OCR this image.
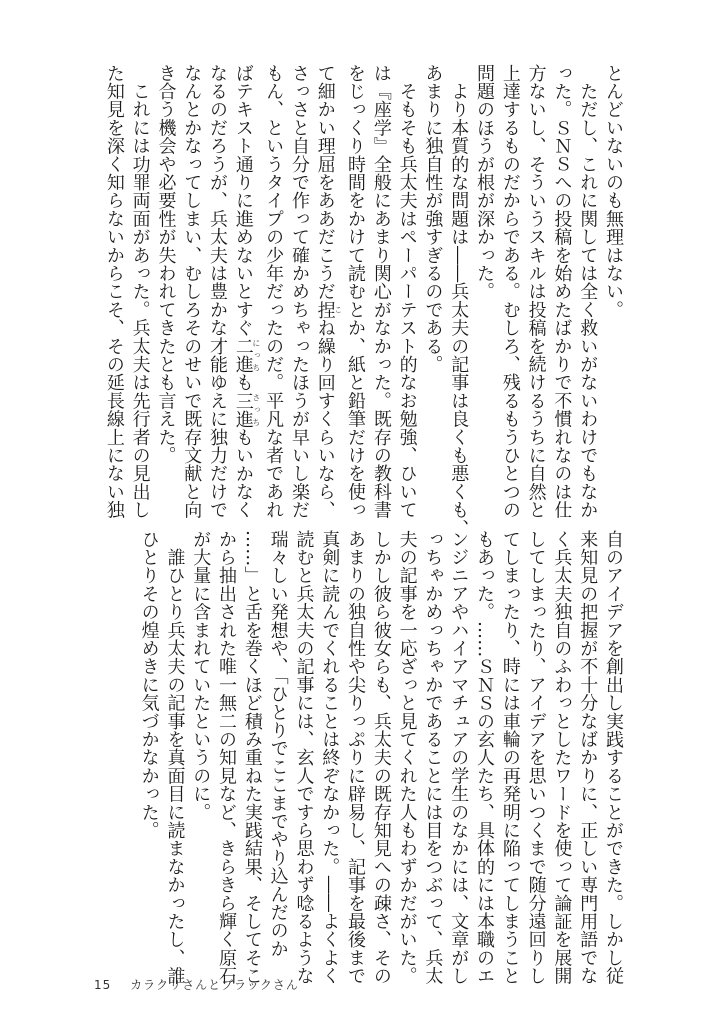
とんどいないのも無理はない。
　ただし、これに関しては全く救いがないわけでもなか
った。ＳＮＳへの投稿を始めたばかりで不慣れなのは仕
方ないし、そういうスキルは投稿を続けるうちに自然と
上達するものだからである。むしろ、残るもうひとつの
問題のほうが根が深かった。
　より本質的な問題は――兵太夫の記事は良くも悪くも、
あまりに独自性が強すぎるのである。
　そもそも兵太夫はペーパーテスト的なお勉強、ひいて
は『座学』全般にあまり関心がなかった。既存の教科書
をじっくり時間をかけて読むとか、紙と鉛筆だけを使っ
て細かい理屈をああだこうだ捏こね繰り回すくらいなら、
さっさと自分で作って確かめちゃったほうが早いし楽だ
もん、というタイプの少年だったのだ。平凡な者であれ
ばテキスト通りに進めないとすぐ二進にっちも三進さっちもいかなく
なるのだろうが、兵太夫は豊かな才能ゆえに独力だけで
なんとかなってしまい、むしろそのせいで既存文献と向
き合う機会や必要性が失われてきたとも言えた。
　これには功罪両面があった。兵太夫は先行者の見出し
た知見を深く知らないからこそ、その延長線上にない独
自のアイデアを創出し実践することができた。しかし従
来知見の把握が不十分なばかりに、正しい専門用語でな
く兵太夫独自のふわっとしたワードを使って論証を展開
してしまったり、アイデアを思いつくまで随分遠回りし
てしまったり、時には車輪の再発明に陥ってしまうこと
もあった。……ＳＮＳの玄人たち、具体的には本職のエ
ンジニアやハイアマチュアの学生のなかには、文章がし
っちゃかめっちゃかであることには目をつぶって、兵太
夫の記事を一応ざっと見てくれた人もわずかだがいた。
しかし彼ら彼女らも、兵太夫の既存知見への疎さ、その
あまりの独自性や尖りっぷりに辟易し、記事を最後まで
真剣に読んでくれることは終ぞなかった。――よくよく
読むと兵太夫の記事には、玄人ですら思わず唸るような
瑞々しい発想や、「ひとりでここまでやり込んだのか
……」と舌を巻くほど積み重ねた実践結果、そしてそこ
から抽出された唯一無二の知見など、きらきら輝く原石
が大量に含まれていたというのに。
　誰ひとり兵太夫の記事を真面目に読まなかったし、誰
ひとりその煌めきに気づかなかった。
15 カラクリさんとブラックさん
